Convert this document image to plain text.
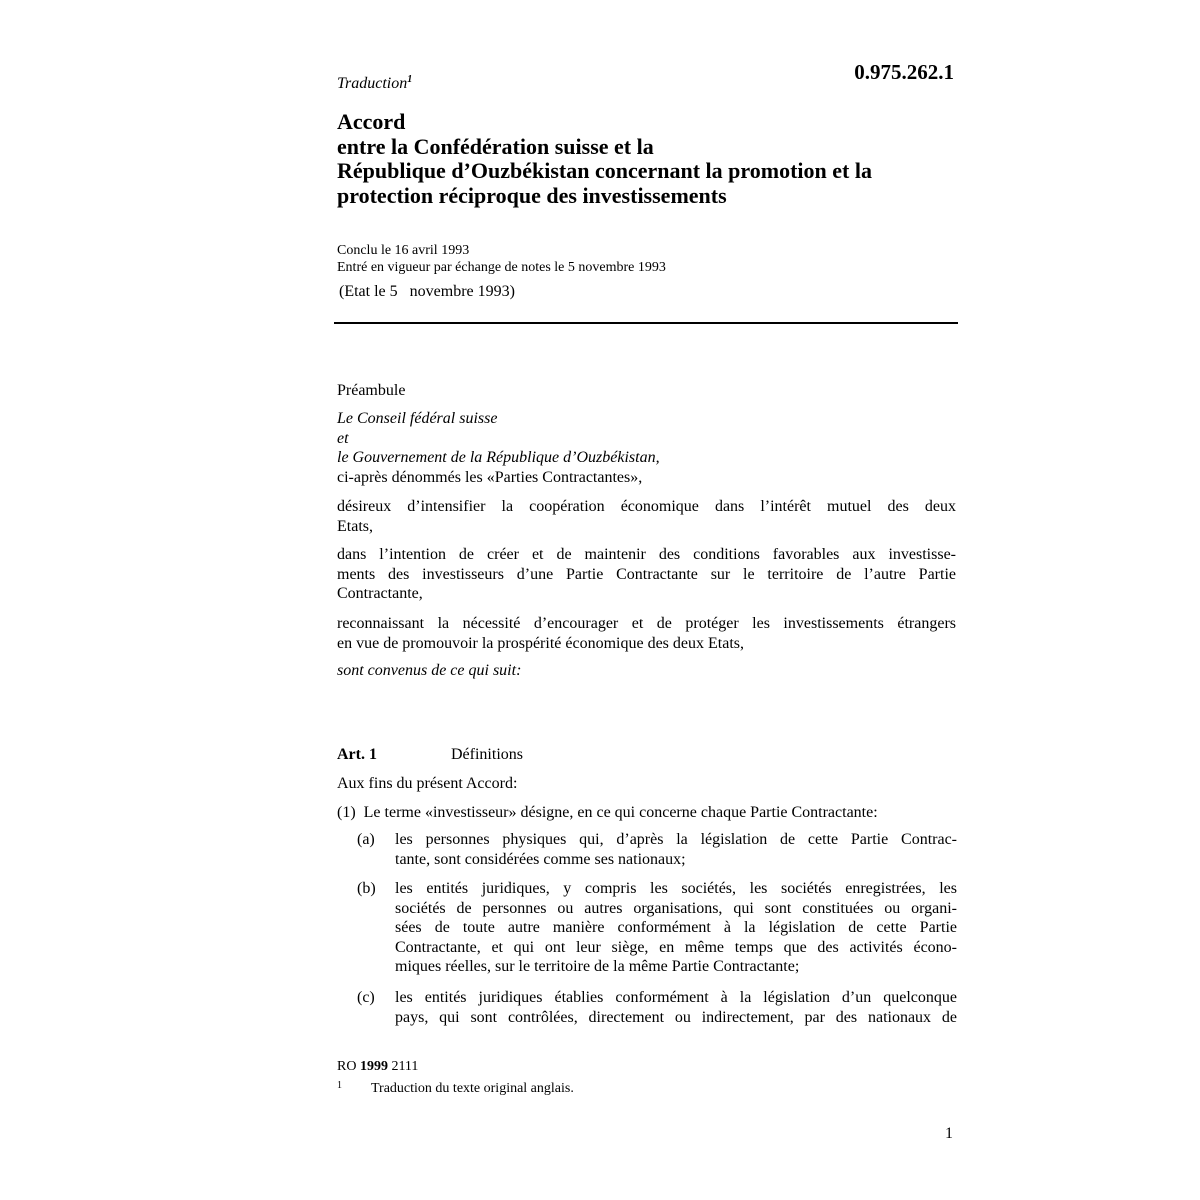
0.975.262.1
Traduction$^1$
Accord
entre la Confédération suisse et la
République d’Ouzbékistan concernant la promotion et la
protection réciproque des investissements
Conclu le 16 avril 1993
Entré en vigueur par échange de notes le 5 novembre 1993
(Etat le 5   novembre 1993)
Préambule
Le Conseil fédéral suisse
et
le Gouvernement de la République d’Ouzbékistan,
ci-après dénommés les «Parties Contractantes»,
désireux d’intensifier la coopération économique dans l’intérêt mutuel des deux
Etats,
dans l’intention de créer et de maintenir des conditions favorables aux investisse-
ments des investisseurs d’une Partie Contractante sur le territoire de l’autre Partie
Contractante,
reconnaissant la nécessité d’encourager et de protéger les investissements étrangers
en vue de promouvoir la prospérité économique des deux Etats,
sont convenus de ce qui suit:
Art. 1	Définitions
Aux fins du présent Accord:
(1)  Le terme «investisseur» désigne, en ce qui concerne chaque Partie Contractante:
(a) les personnes physiques qui, d’après la législation de cette Partie Contrac-
tante, sont considérées comme ses nationaux;
(b) les entités juridiques, y compris les sociétés, les sociétés enregistrées, les
sociétés de personnes ou autres organisations, qui sont constituées ou organi-
sées de toute autre manière conformément à la législation de cette Partie
Contractante, et qui ont leur siège, en même temps que des activités écono-
miques réelles, sur le territoire de la même Partie Contractante;
(c) les entités juridiques établies conformément à la législation d’un quelconque
pays, qui sont contrôlées, directement ou indirectement, par des nationaux de
RO 1999 2111
1 Traduction du texte original anglais.
1
